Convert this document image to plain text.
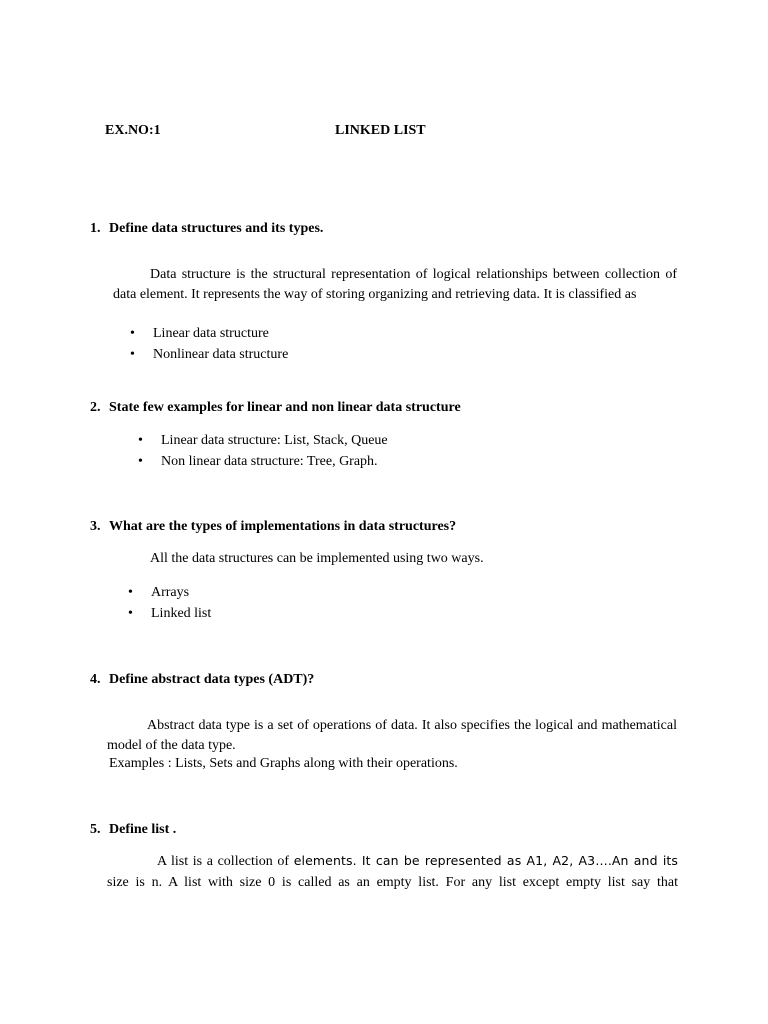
EX.NO:1	LINKED LIST
1. Define data structures and its types.

Data structure is the structural representation of logical relationships between collection of data element. It represents the way of storing organizing and retrieving data. It is classified as

• Linear data structure
• Nonlinear data structure
2. State few examples for linear and non linear data structure
• Linear data structure: List, Stack, Queue
• Non linear data structure: Tree, Graph.
3. What are the types of implementations in data structures?

All the data structures can be implemented using two ways.

• Arrays
• Linked list
4. Define abstract data types (ADT)?

Abstract data type is a set of operations of data. It also specifies the logical and mathematical model of the data type.

Examples : Lists, Sets and Graphs along with their operations.

5. Define list .

A list is a collection of elements. It can be represented as A1, A2, A3….An and its

size is n. A list with size 0 is called as an empty list. For any list except empty list say that
